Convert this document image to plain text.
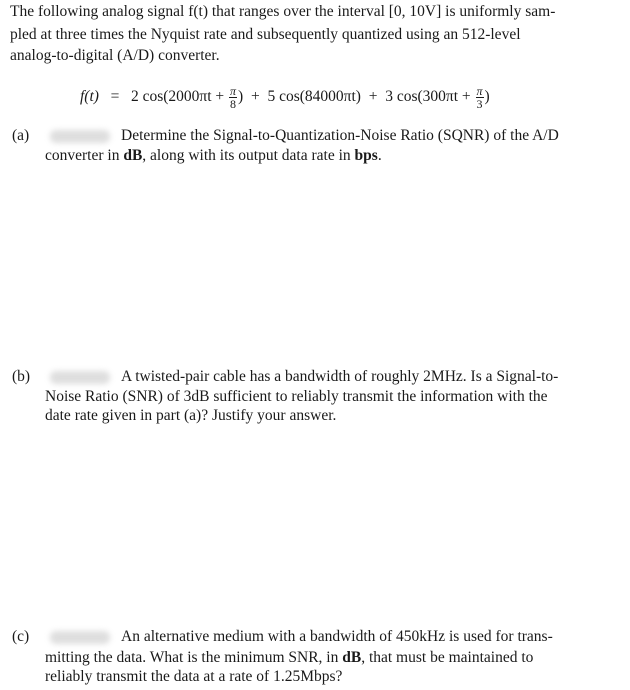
The following analog signal f(t) that ranges over the interval [0, 10V] is uniformly sam-
pled at three times the Nyquist rate and subsequently quantized using an 512-level
analog-to-digital (A/D) converter.
f(t) = 2 $\cos(2000\pi t + \frac{\pi}{8}$ ) + 5 cos(84000πt) + 3 $\cos(300\pi t + \frac{\pi}{3}$ )
(a)	Determine the Signal-to-Quantization-Noise Ratio (SQNR) of the A/D
converter in dB, along with its output data rate in bps.
(b)	A twisted-pair cable has a bandwidth of roughly 2MHz. Is a Signal-to-
Noise Ratio (SNR) of 3dB sufficient to reliably transmit the information with the
date rate given in part (a)? Justify your answer.
(c)	An alternative medium with a bandwidth of 450kHz is used for trans-
mitting the data. What is the minimum SNR, in dB, that must be maintained to
reliably transmit the data at a rate of 1.25Mbps?
